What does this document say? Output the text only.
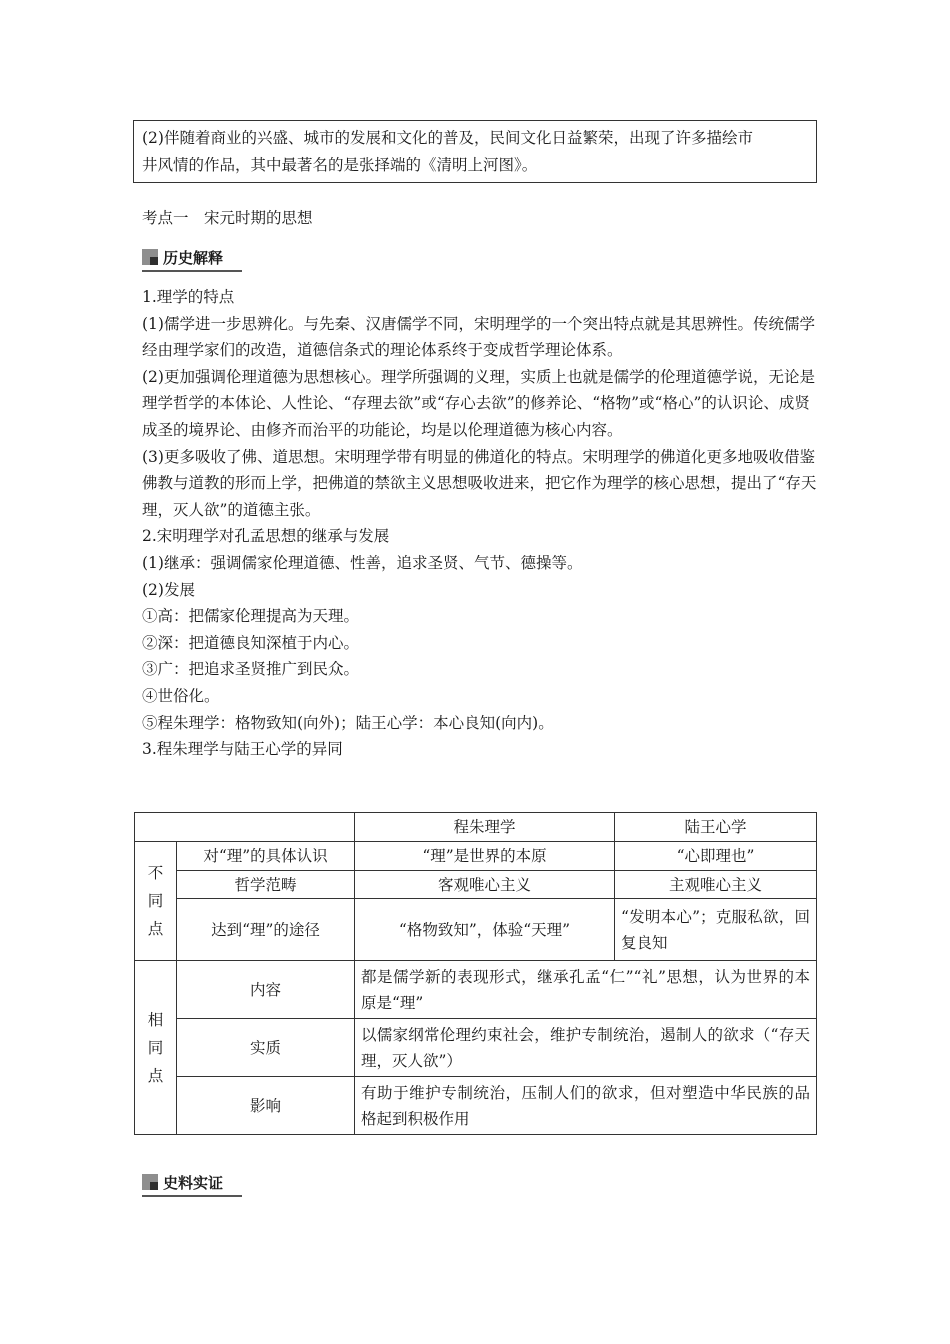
(2)伴随着商业的兴盛、城市的发展和文化的普及，民间文化日益繁荣，出现了许多描绘市
井风情的作品，其中最著名的是张择端的《清明上河图》。
考点一　宋元时期的思想
历史解释

1.理学的特点

(1)儒学进一步思辨化。与先秦、汉唐儒学不同，宋明理学的一个突出特点就是其思辨性。传统儒学经由理学家们的改造，道德信条式的理论体系终于变成哲学理论体系。

(2)更加强调伦理道德为思想核心。理学所强调的义理，实质上也就是儒学的伦理道德学说，无论是理学哲学的本体论、人性论、“存理去欲”或“存心去欲”的修养论、“格物”或“格心”的认识论、成贤成圣的境界论、由修齐而治平的功能论，均是以伦理道德为核心内容。

(3)更多吸收了佛、道思想。宋明理学带有明显的佛道化的特点。宋明理学的佛道化更多地吸收借鉴佛教与道教的形而上学，把佛道的禁欲主义思想吸收进来，把它作为理学的核心思想，提出了“存天理，灭人欲”的道德主张。

2.宋明理学对孔孟思想的继承与发展

(1)继承：强调儒家伦理道德、性善，追求圣贤、气节、德操等。

(2)发展

①高：把儒家伦理提高为天理。

②深：把道德良知深植于内心。

③广：把追求圣贤推广到民众。

④世俗化。

⑤程朱理学：格物致知(向外)；陆王心学：本心良知(向内)。

3.程朱理学与陆王心学的异同

		程朱理学	陆王心学
不同点	对“理”的具体认识	“理”是世界的本原	“心即理也”
	哲学范畴	客观唯心主义	主观唯心主义
	达到“理”的途径	“格物致知”，体验“天理”	“发明本心”；克服私欲，回复良知
相同点	内容	都是儒学新的表现形式，继承孔孟“仁”“礼”思想，认为世界的本原是“理”	
	实质	以儒家纲常伦理约束社会，维护专制统治，遏制人的欲求（“存天理，灭人欲”）	
	影响	有助于维护专制统治，压制人们的欲求，但对塑造中华民族的品格起到积极作用	
史料实证
